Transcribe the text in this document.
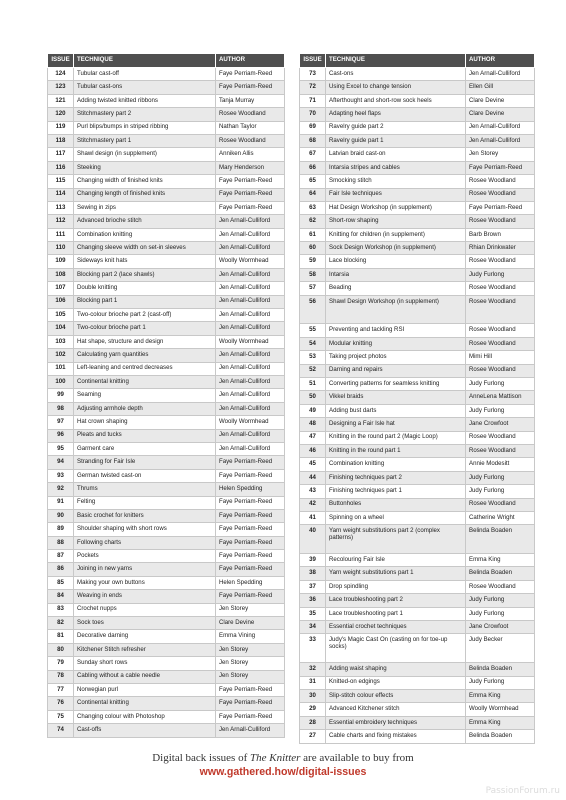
ISSUE	TECHNIQUE	AUTHOR
124	Tubular cast-off	Faye Perriam-Reed
123	Tubular cast-ons	Faye Perriam-Reed
121	Adding twisted knitted ribbons	Tanja Murray
120	Stitchmastery part 2	Rosee Woodland
119	Purl blips/bumps in striped ribbing	Nathan Taylor
118	Stitchmastery part 1	Rosee Woodland
117	Shawl design (in supplement)	Anniken Allis
116	Steeking	Mary Henderson
115	Changing width of finished knits	Faye Perriam-Reed
114	Changing length of finished knits	Faye Perriam-Reed
113	Sewing in zips	Faye Perriam-Reed
112	Advanced brioche stitch	Jen Arnall-Culliford
111	Combination knitting	Jen Arnall-Culliford
110	Changing sleeve width on set-in sleeves	Jen Arnall-Culliford
109	Sideways knit hats	Woolly Wormhead
108	Blocking part 2 (lace shawls)	Jen Arnall-Culliford
107	Double knitting	Jen Arnall-Culliford
106	Blocking part 1	Jen Arnall-Culliford
105	Two-colour brioche part 2 (cast-off)	Jen Arnall-Culliford
104	Two-colour brioche part 1	Jen Arnall-Culliford
103	Hat shape, structure and design	Woolly Wormhead
102	Calculating yarn quantities	Jen Arnall-Culliford
101	Left-leaning and centred decreases	Jen Arnall-Culliford
100	Continental knitting	Jen Arnall-Culliford
99	Seaming	Jen Arnall-Culliford
98	Adjusting armhole depth	Jen Arnall-Culliford
97	Hat crown shaping	Woolly Wormhead
96	Pleats and tucks	Jen Arnall-Culliford
95	Garment care	Jen Arnall-Culliford
94	Stranding for Fair Isle	Faye Perriam-Reed
93	German twisted cast-on	Faye Perriam-Reed
92	Thrums	Helen Spedding
91	Felting	Faye Perriam-Reed
90	Basic crochet for knitters	Faye Perriam-Reed
89	Shoulder shaping with short rows	Faye Perriam-Reed
88	Following charts	Faye Perriam-Reed
87	Pockets	Faye Perriam-Reed
86	Joining in new yarns	Faye Perriam-Reed
85	Making your own buttons	Helen Spedding
84	Weaving in ends	Faye Perriam-Reed
83	Crochet nupps	Jen Storey
82	Sock toes	Clare Devine
81	Decorative darning	Emma Vining
80	Kitchener Stitch refresher	Jen Storey
79	Sunday short rows	Jen Storey
78	Cabling without a cable needle	Jen Storey
77	Norwegian purl	Faye Perriam-Reed
76	Continental knitting	Faye Perriam-Reed
75	Changing colour with Photoshop	Faye Perriam-Reed
74	Cast-offs	Jen Arnall-Culliford
ISSUE	TECHNIQUE	AUTHOR
73	Cast-ons	Jen Arnall-Culliford
72	Using Excel to change tension	Ellen Gill
71	Afterthought and short-row sock heels	Clare Devine
70	Adapting heel flaps	Clare Devine
69	Ravelry guide part 2	Jen Arnall-Culliford
68	Ravelry guide part 1	Jen Arnall-Culliford
67	Latvian braid cast-on	Jen Storey
66	Intarsia stripes and cables	Faye Perriam-Reed
65	Smocking stitch	Rosee Woodland
64	Fair Isle techniques	Rosee Woodland
63	Hat Design Workshop (in supplement)	Faye Perriam-Reed
62	Short-row shaping	Rosee Woodland
61	Knitting for children (in supplement)	Barb Brown
60	Sock Design Workshop (in supplement)	Rhian Drinkwater
59	Lace blocking	Rosee Woodland
58	Intarsia	Judy Furlong
57	Beading	Rosee Woodland
56	Shawl Design Workshop (in supplement)	Rosee Woodland
55	Preventing and tackling RSI	Rosee Woodland
54	Modular knitting	Rosee Woodland
53	Taking project photos	Mimi Hill
52	Darning and repairs	Rosee Woodland
51	Converting patterns for seamless knitting	Judy Furlong
50	Vikkel braids	AnneLena Mattison
49	Adding bust darts	Judy Furlong
48	Designing a Fair Isle hat	Jane Crowfoot
47	Knitting in the round part 2 (Magic Loop)	Rosee Woodland
46	Knitting in the round part 1	Rosee Woodland
45	Combination knitting	Annie Modesitt
44	Finishing techniques part 2	Judy Furlong
43	Finishing techniques part 1	Judy Furlong
42	Buttonholes	Rosee Woodland
41	Spinning on a wheel	Catherine Wright
40	Yarn weight substitutions part 2 (complex patterns)	Belinda Boaden
39	Recolouring Fair Isle	Emma King
38	Yarn weight substitutions part 1	Belinda Boaden
37	Drop spindling	Rosee Woodland
36	Lace troubleshooting part 2	Judy Furlong
35	Lace troubleshooting part 1	Judy Furlong
34	Essential crochet techniques	Jane Crowfoot
33	Judy's Magic Cast On (casting on for toe-up socks)	Judy Becker
32	Adding waist shaping	Belinda Boaden
31	Knitted-on edgings	Judy Furlong
30	Slip-stitch colour effects	Emma King
29	Advanced Kitchener stitch	Woolly Wormhead
28	Essential embroidery techniques	Emma King
27	Cable charts and fixing mistakes	Belinda Boaden
Digital back issues of The Knitter are available to buy from
www.gathered.how/digital-issues
PassionForum.ru
